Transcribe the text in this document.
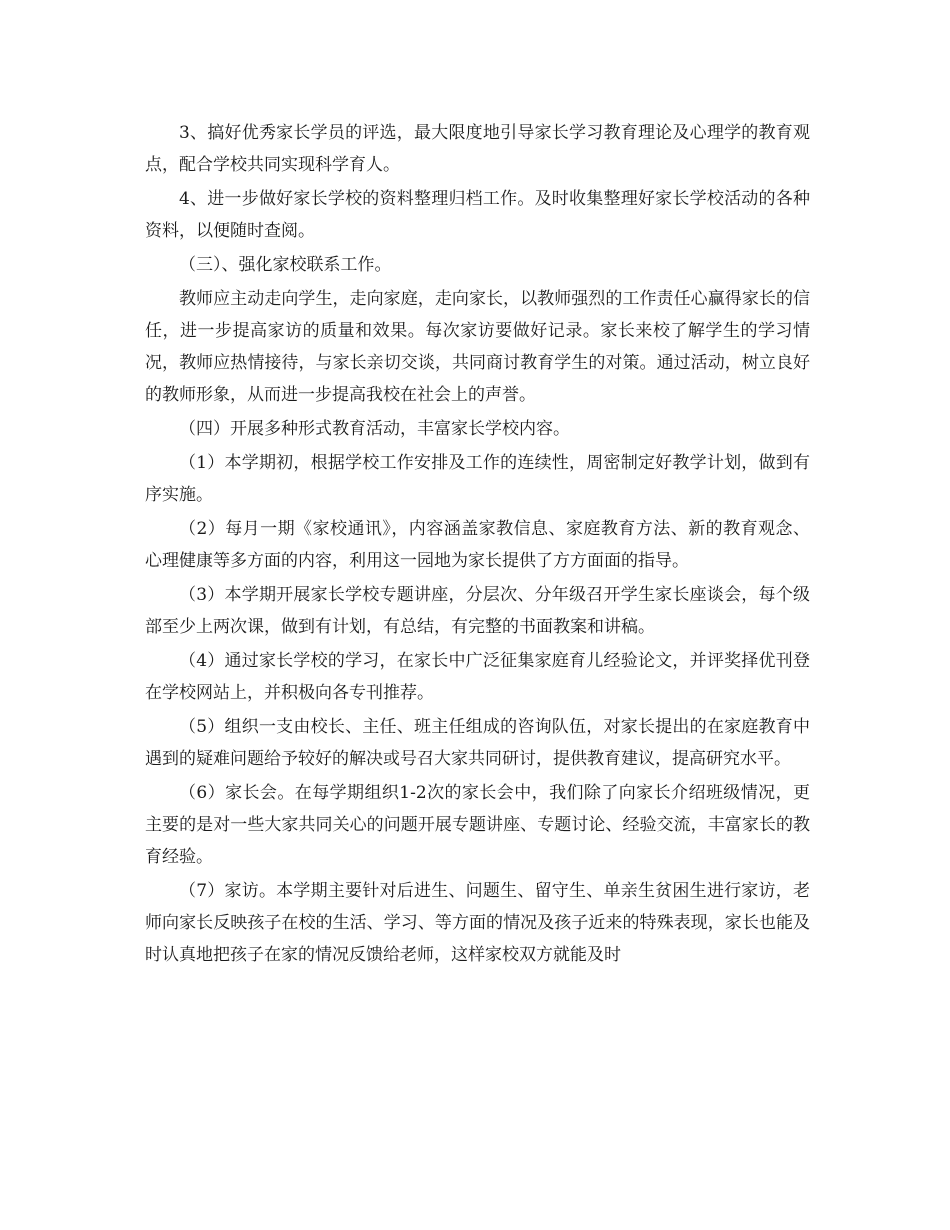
3、搞好优秀家长学员的评选，最大限度地引导家长学习教育理论及心理学的教育观点，配合学校共同实现科学育人。

4、进一步做好家长学校的资料整理归档工作。及时收集整理好家长学校活动的各种资料，以便随时查阅。

（三）、强化家校联系工作。

教师应主动走向学生，走向家庭，走向家长，以教师强烈的工作责任心赢得家长的信任，进一步提高家访的质量和效果。每次家访要做好记录。家长来校了解学生的学习情况，教师应热情接待，与家长亲切交谈，共同商讨教育学生的对策。通过活动，树立良好的教师形象，从而进一步提高我校在社会上的声誉。

（四）开展多种形式教育活动，丰富家长学校内容。

（1）本学期初，根据学校工作安排及工作的连续性，周密制定好教学计划，做到有序实施。

（2）每月一期《家校通讯》，内容涵盖家教信息、家庭教育方法、新的教育观念、心理健康等多方面的内容，利用这一园地为家长提供了方方面面的指导。

（3）本学期开展家长学校专题讲座，分层次、分年级召开学生家长座谈会，每个级部至少上两次课，做到有计划，有总结，有完整的书面教案和讲稿。

（4）通过家长学校的学习，在家长中广泛征集家庭育儿经验论文，并评奖择优刊登在学校网站上，并积极向各专刊推荐。

（5）组织一支由校长、主任、班主任组成的咨询队伍，对家长提出的在家庭教育中遇到的疑难问题给予较好的解决或号召大家共同研讨，提供教育建议，提高研究水平。

（6）家长会。在每学期组织1-2次的家长会中，我们除了向家长介绍班级情况，更主要的是对一些大家共同关心的问题开展专题讲座、专题讨论、经验交流，丰富家长的教育经验。

（7）家访。本学期主要针对后进生、问题生、留守生、单亲生贫困生进行家访，老师向家长反映孩子在校的生活、学习、等方面的情况及孩子近来的特殊表现，家长也能及时认真地把孩子在家的情况反馈给老师，这样家校双方就能及时
